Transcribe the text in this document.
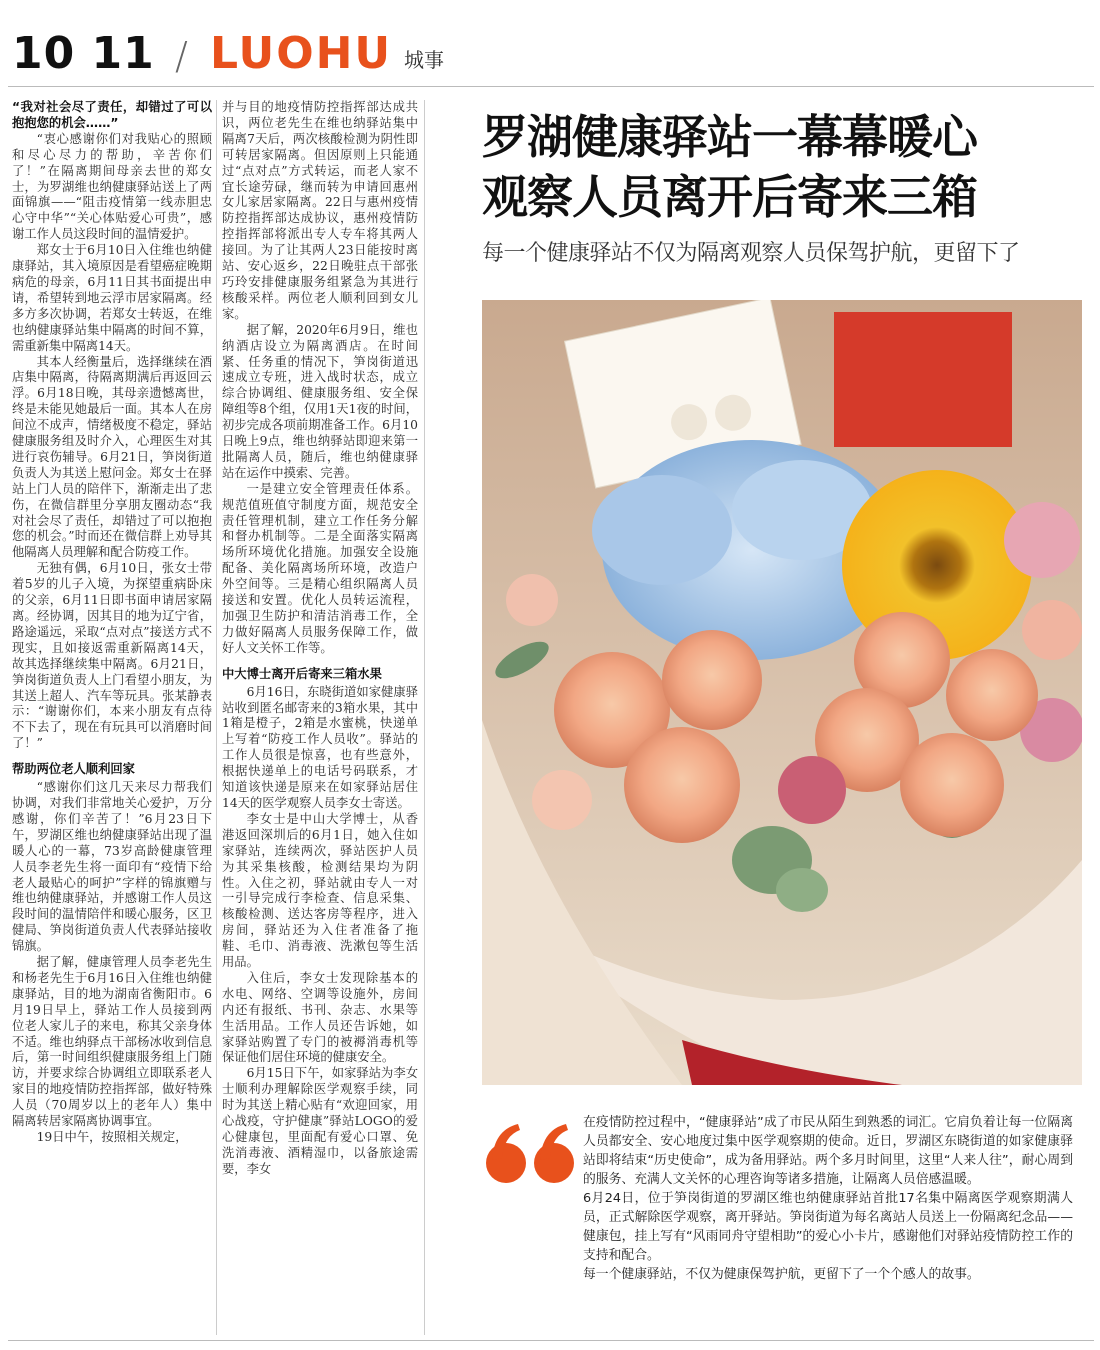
10 11 / LUOHU 城事

“我对社会尽了责任，却错过了可以抱抱您的机会……”

“衷心感谢你们对我贴心的照顾和尽心尽力的帮助，辛苦你们了！”在隔离期间母亲去世的郑女士，为罗湖维也纳健康驿站送上了两面锦旗——“阻击疫情第一线赤胆忠心守中华”“关心体贴爱心可贵”，感谢工作人员这段时间的温情爱护。

郑女士于6月10日入住维也纳健康驿站，其入境原因是看望癌症晚期病危的母亲，6月11日其书面提出申请，希望转到地云浮市居家隔离。经多方多次协调，若郑女士转返，在维也纳健康驿站集中隔离的时间不算，需重新集中隔离14天。

其本人经衡量后，选择继续在酒店集中隔离，待隔离期满后再返回云浮。6月18日晚，其母亲遗憾离世，终是未能见她最后一面。其本人在房间泣不成声，情绪极度不稳定，驿站健康服务组及时介入，心理医生对其进行哀伤辅导。6月21日，笋岗街道负责人为其送上慰问金。郑女士在驿站上门人员的陪伴下，渐渐走出了悲伤，在微信群里分享朋友圈动态“我对社会尽了责任，却错过了可以抱抱您的机会。”时而还在微信群上劝导其他隔离人员理解和配合防疫工作。

无独有偶，6月10日，张女士带着5岁的儿子入境，为探望重病卧床的父亲，6月11日即书面申请居家隔离。经协调，因其目的地为辽宁省，路途遥远，采取“点对点”接送方式不现实，且如接返需重新隔离14天，故其选择继续集中隔离。6月21日，笋岗街道负责人上门看望小朋友，为其送上超人、汽车等玩具。张某静表示：“谢谢你们，本来小朋友有点待不下去了，现在有玩具可以消磨时间了！”

帮助两位老人顺利回家

“感谢你们这几天来尽力帮我们协调，对我们非常地关心爱护，万分感谢，你们辛苦了！”6月23日下午，罗湖区维也纳健康驿站出现了温暖人心的一幕，73岁高龄健康管理人员李老先生将一面印有“疫情下给老人最贴心的呵护”字样的锦旗赠与维也纳健康驿站，并感谢工作人员这段时间的温情陪伴和暖心服务，区卫健局、笋岗街道负责人代表驿站接收锦旗。

据了解，健康管理人员李老先生和杨老先生于6月16日入住维也纳健康驿站，目的地为湖南省衡阳市。6月19日早上，驿站工作人员接到两位老人家儿子的来电，称其父亲身体不适。维也纳驿点干部杨冰收到信息后，第一时间组织健康服务组上门随访，并要求综合协调组立即联系老人家目的地疫情防控指挥部，做好特殊人员（70周岁以上的老年人）集中隔离转居家隔离协调事宜。

19日中午，按照相关规定，

并与目的地疫情防控指挥部达成共识，两位老先生在维也纳驿站集中隔离7天后，两次核酸检测为阴性即可转居家隔离。但因原则上只能通过“点对点”方式转运，而老人家不宜长途劳碌，继而转为申请回惠州女儿家居家隔离。22日与惠州疫情防控指挥部达成协议，惠州疫情防控指挥部将派出专人专车将其两人接回。为了让其两人23日能按时离站、安心返乡，22日晚驻点干部张巧玲安排健康服务组紧急为其进行核酸采样。两位老人顺利回到女儿家。

据了解，2020年6月9日，维也纳酒店设立为隔离酒店。在时间紧、任务重的情况下，笋岗街道迅速成立专班，进入战时状态，成立综合协调组、健康服务组、安全保障组等8个组，仅用1天1夜的时间，初步完成各项前期准备工作。6月10日晚上9点，维也纳驿站即迎来第一批隔离人员，随后，维也纳健康驿站在运作中摸索、完善。

一是建立安全管理责任体系。规范值班值守制度方面，规范安全责任管理机制，建立工作任务分解和督办机制等。二是全面落实隔离场所环境优化措施。加强安全设施配备、美化隔离场所环境，改造户外空间等。三是精心组织隔离人员接送和安置。优化人员转运流程，加强卫生防护和清洁消毒工作，全力做好隔离人员服务保障工作，做好人文关怀工作等。

中大博士离开后寄来三箱水果

6月16日，东晓街道如家健康驿站收到匿名邮寄来的3箱水果，其中1箱是橙子，2箱是水蜜桃，快递单上写着“防疫工作人员收”。驿站的工作人员很是惊喜，也有些意外，根据快递单上的电话号码联系，才知道该快递是原来在如家驿站居住14天的医学观察人员李女士寄送。

李女士是中山大学博士，从香港返回深圳后的6月1日，她入住如家驿站，连续两次，驿站医护人员为其采集核酸，检测结果均为阴性。入住之初，驿站就由专人一对一引导完成行李检查、信息采集、核酸检测、送达客房等程序，进入房间，驿站还为入住者准备了拖鞋、毛巾、消毒液、洗漱包等生活用品。

入住后，李女士发现除基本的水电、网络、空调等设施外，房间内还有报纸、书刊、杂志、水果等生活用品。工作人员还告诉她，如家驿站购置了专门的被褥消毒机等保证他们居住环境的健康安全。

6月15日下午，如家驿站为李女士顺利办理解除医学观察手续，同时为其送上精心贴有“欢迎回家，用心战疫，守护健康”驿站LOGO的爱心健康包，里面配有爱心口罩、免洗消毒液、酒精湿巾，以备旅途需要，李女

罗湖健康驿站一幕幕暖心
观察人员离开后寄来三箱
每一个健康驿站不仅为隔离观察人员保驾护航，更留下了

在疫情防控过程中，“健康驿站”成了市民从陌生到熟悉的词汇。它肩负着让每一位隔离人员都安全、安心地度过集中医学观察期的使命。近日，罗湖区东晓街道的如家健康驿站即将结束“历史使命”，成为备用驿站。两个多月时间里，这里“人来人往”，耐心周到的服务、充满人文关怀的心理咨询等诸多措施，让隔离人员倍感温暖。

6月24日，位于笋岗街道的罗湖区维也纳健康驿站首批17名集中隔离医学观察期满人员，正式解除医学观察，离开驿站。笋岗街道为每名离站人员送上一份隔离纪念品——健康包，挂上写有“风雨同舟守望相助”的爱心小卡片，感谢他们对驿站疫情防控工作的支持和配合。

每一个健康驿站，不仅为健康保驾护航，更留下了一个个感人的故事。
